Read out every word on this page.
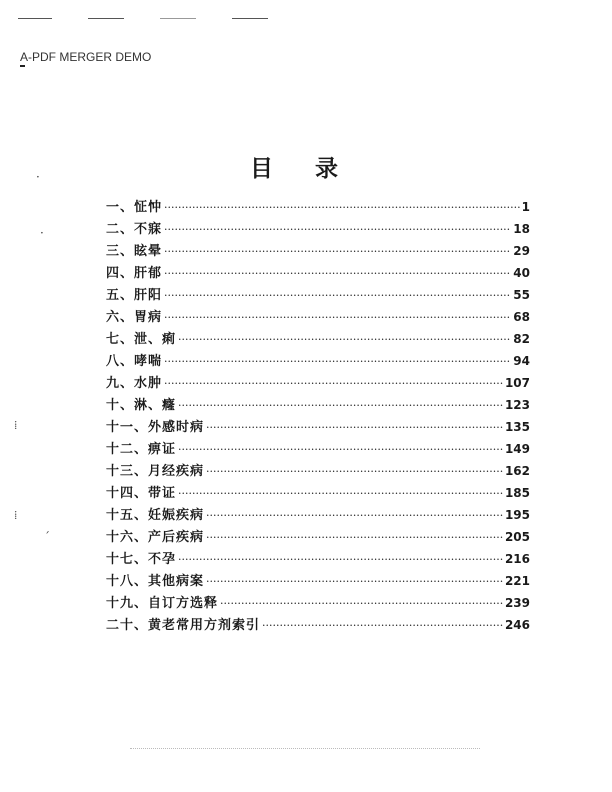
A-PDF MERGER DEMO
目录
一、怔忡 ·····	1
二、不寐 ·····	18
三、眩晕 ·····	29
四、肝郁 ·····	40
五、肝阳 ·····	55
六、胃病 ·····	68
七、泄、痢 ·····	82
八、哮喘 ·····	94
九、水肿 ·····	107
十、淋、癃 ·····	123
十一、外感时病 ·····	135
十二、痹证 ·····	149
十三、月经疾病 ·····	162
十四、带证 ·····	185
十五、妊娠疾病 ·····	195
十六、产后疾病 ·····	205
十七、不孕 ·····	216
十八、其他病案 ·····	221
十九、自订方选释 ·····	239
二十、黄老常用方剂索引 ·····	246
·
·
⁞
⁞
ˊ
